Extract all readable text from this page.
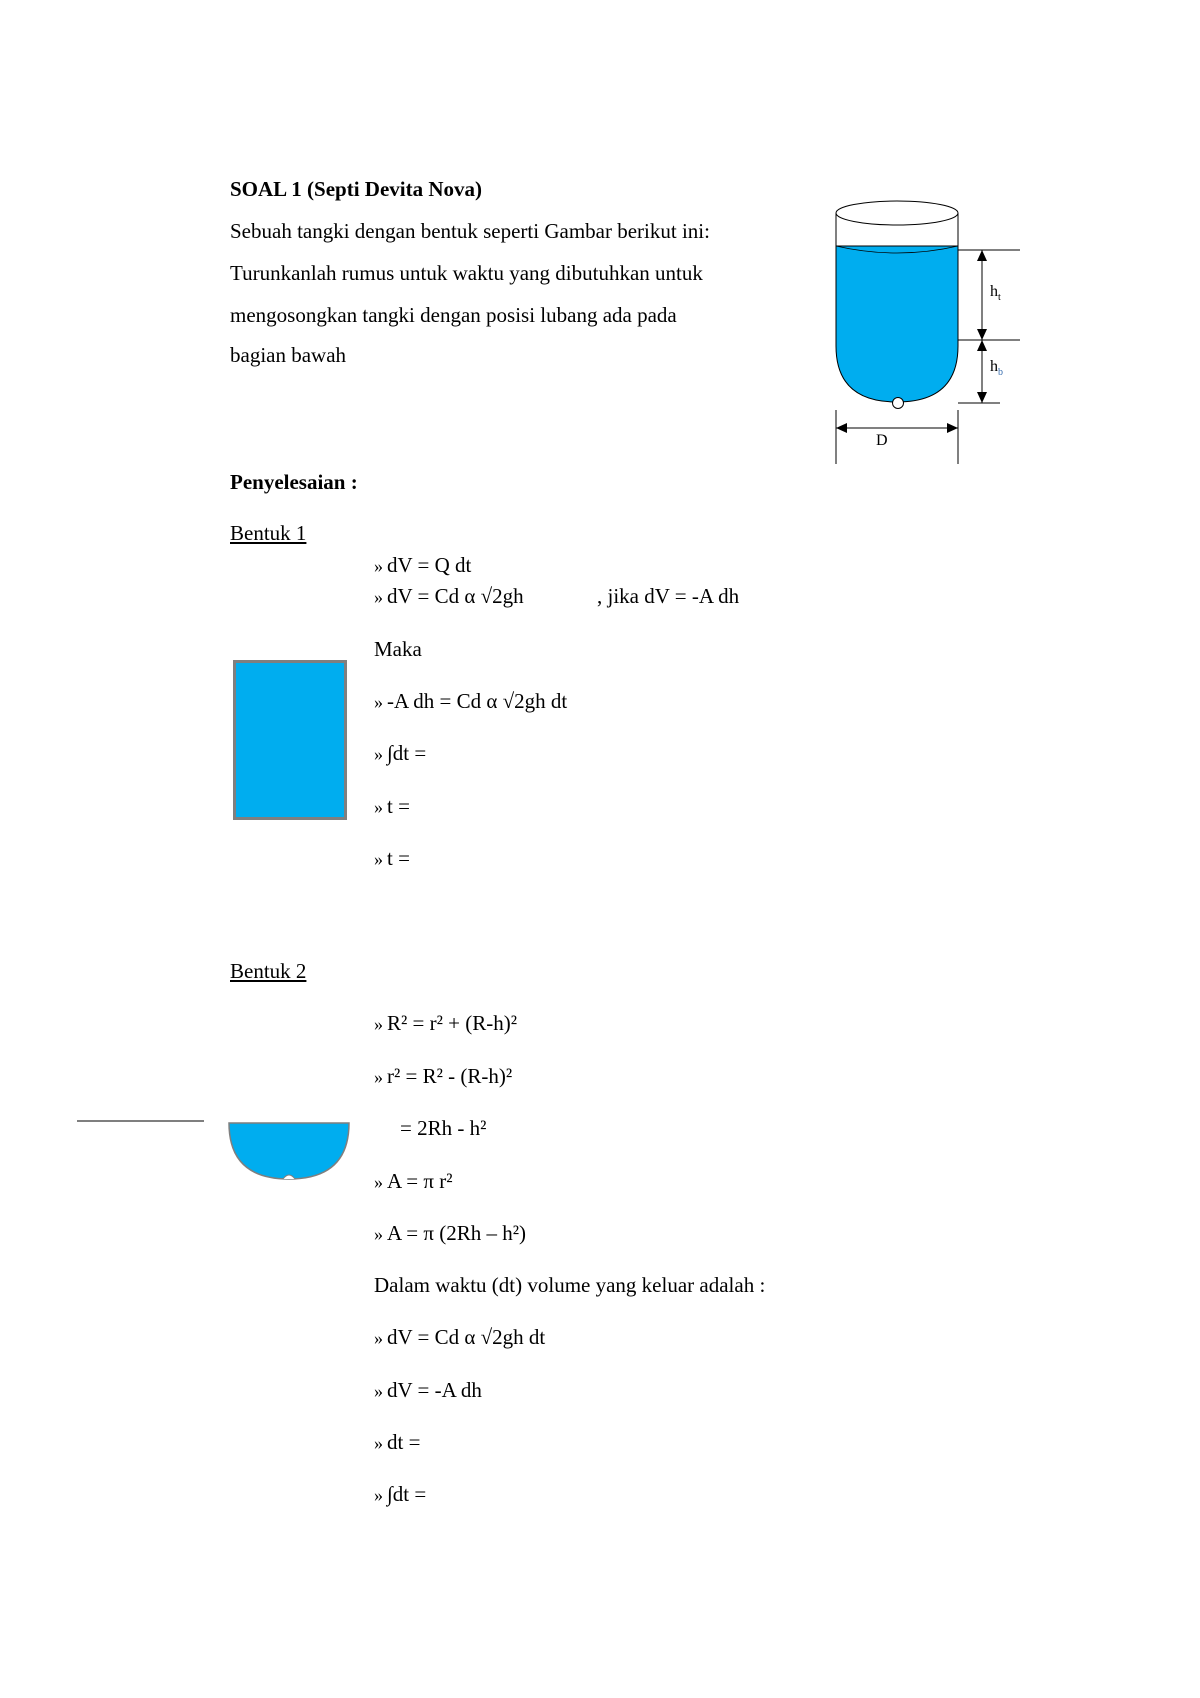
SOAL 1 (Septi Devita Nova)
Sebuah tangki dengan bentuk seperti Gambar berikut ini:
Turunkanlah rumus untuk waktu yang dibutuhkan untuk
mengosongkan tangki dengan posisi lubang ada pada
bagian bawah
$h_t$
$h_b$
D
Penyelesaian :
Bentuk 1
» dV = Q dt
» dV = Cd α √2gh	, jika dV = -A dh
Maka
» -A dh = Cd α √2gh dt
» ∫dt =
» t =
» t =
Bentuk 2
» R² = r² + (R-h)²
» r² = R² - (R-h)²
= 2Rh - h²
» A = π r²
» A = π (2Rh – h²)
Dalam waktu (dt) volume yang keluar adalah :
» dV = Cd α √2gh dt
» dV = -A dh
» dt =
» ∫dt =
